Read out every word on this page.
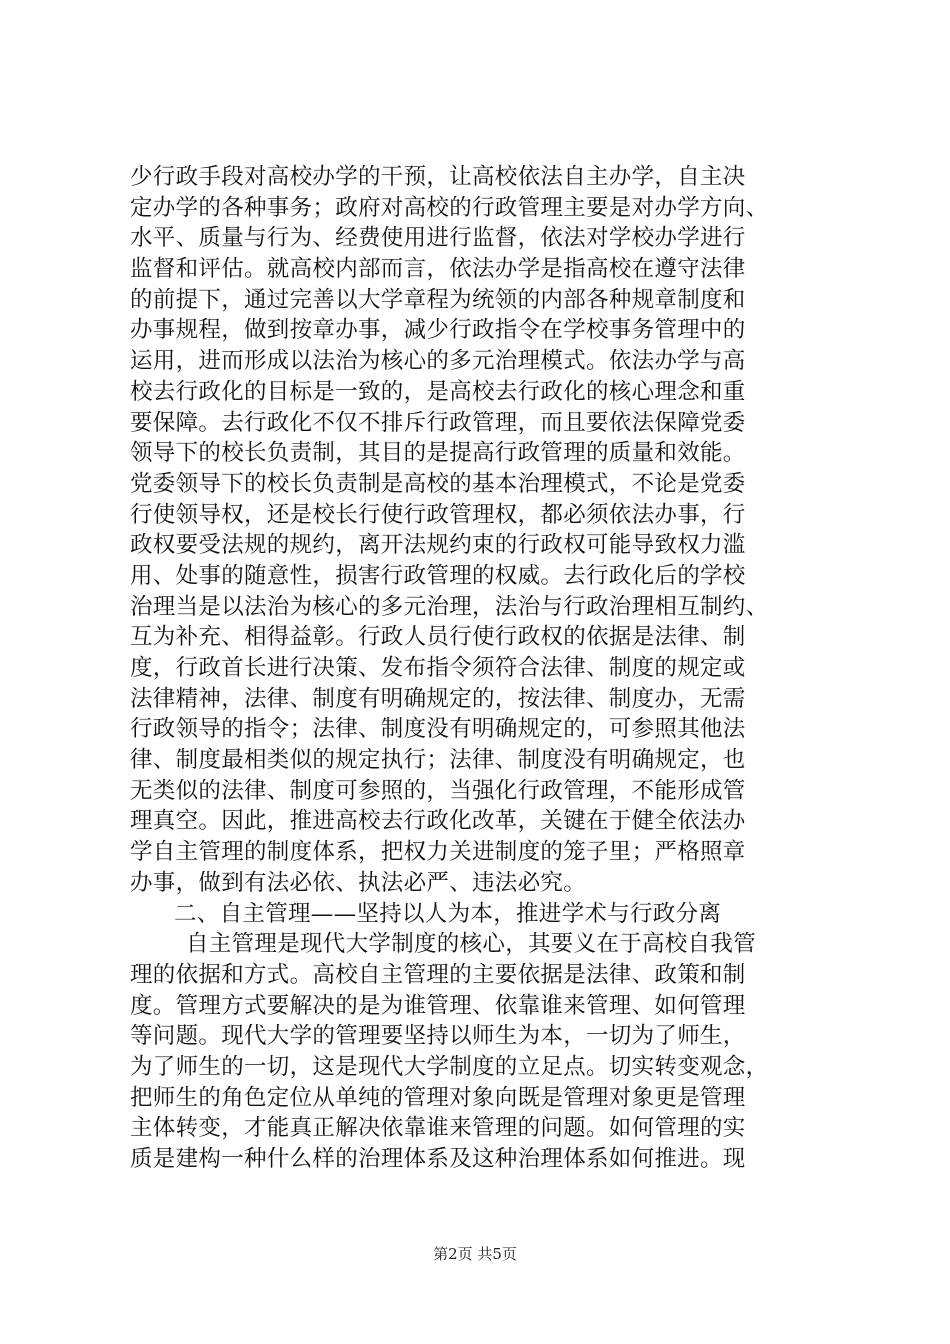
少行政手段对高校办学的干预，让高校依法自主办学，自主决
定办学的各种事务；政府对高校的行政管理主要是对办学方向、
水平、质量与行为、经费使用进行监督，依法对学校办学进行
监督和评估。就高校内部而言，依法办学是指高校在遵守法律
的前提下，通过完善以大学章程为统领的内部各种规章制度和
办事规程，做到按章办事，减少行政指令在学校事务管理中的
运用，进而形成以法治为核心的多元治理模式。依法办学与高
校去行政化的目标是一致的，是高校去行政化的核心理念和重
要保障。去行政化不仅不排斥行政管理，而且要依法保障党委
领导下的校长负责制，其目的是提高行政管理的质量和效能。
党委领导下的校长负责制是高校的基本治理模式，不论是党委
行使领导权，还是校长行使行政管理权，都必须依法办事，行
政权要受法规的规约，离开法规约束的行政权可能导致权力滥
用、处事的随意性，损害行政管理的权威。去行政化后的学校
治理当是以法治为核心的多元治理，法治与行政治理相互制约、
互为补充、相得益彰。行政人员行使行政权的依据是法律、制
度，行政首长进行决策、发布指令须符合法律、制度的规定或
法律精神，法律、制度有明确规定的，按法律、制度办，无需
行政领导的指令；法律、制度没有明确规定的，可参照其他法
律、制度最相类似的规定执行；法律、制度没有明确规定，也
无类似的法律、制度可参照的，当强化行政管理，不能形成管
理真空。因此，推进高校去行政化改革，关键在于健全依法办
学自主管理的制度体系，把权力关进制度的笼子里；严格照章
办事，做到有法必依、执法必严、违法必究。
二、自主管理——坚持以人为本，推进学术与行政分离
自主管理是现代大学制度的核心，其要义在于高校自我管
理的依据和方式。高校自主管理的主要依据是法律、政策和制
度。管理方式要解决的是为谁管理、依靠谁来管理、如何管理
等问题。现代大学的管理要坚持以师生为本，一切为了师生，
为了师生的一切，这是现代大学制度的立足点。切实转变观念，
把师生的角色定位从单纯的管理对象向既是管理对象更是管理
主体转变，才能真正解决依靠谁来管理的问题。如何管理的实
质是建构一种什么样的治理体系及这种治理体系如何推进。现
第2页 共5页
